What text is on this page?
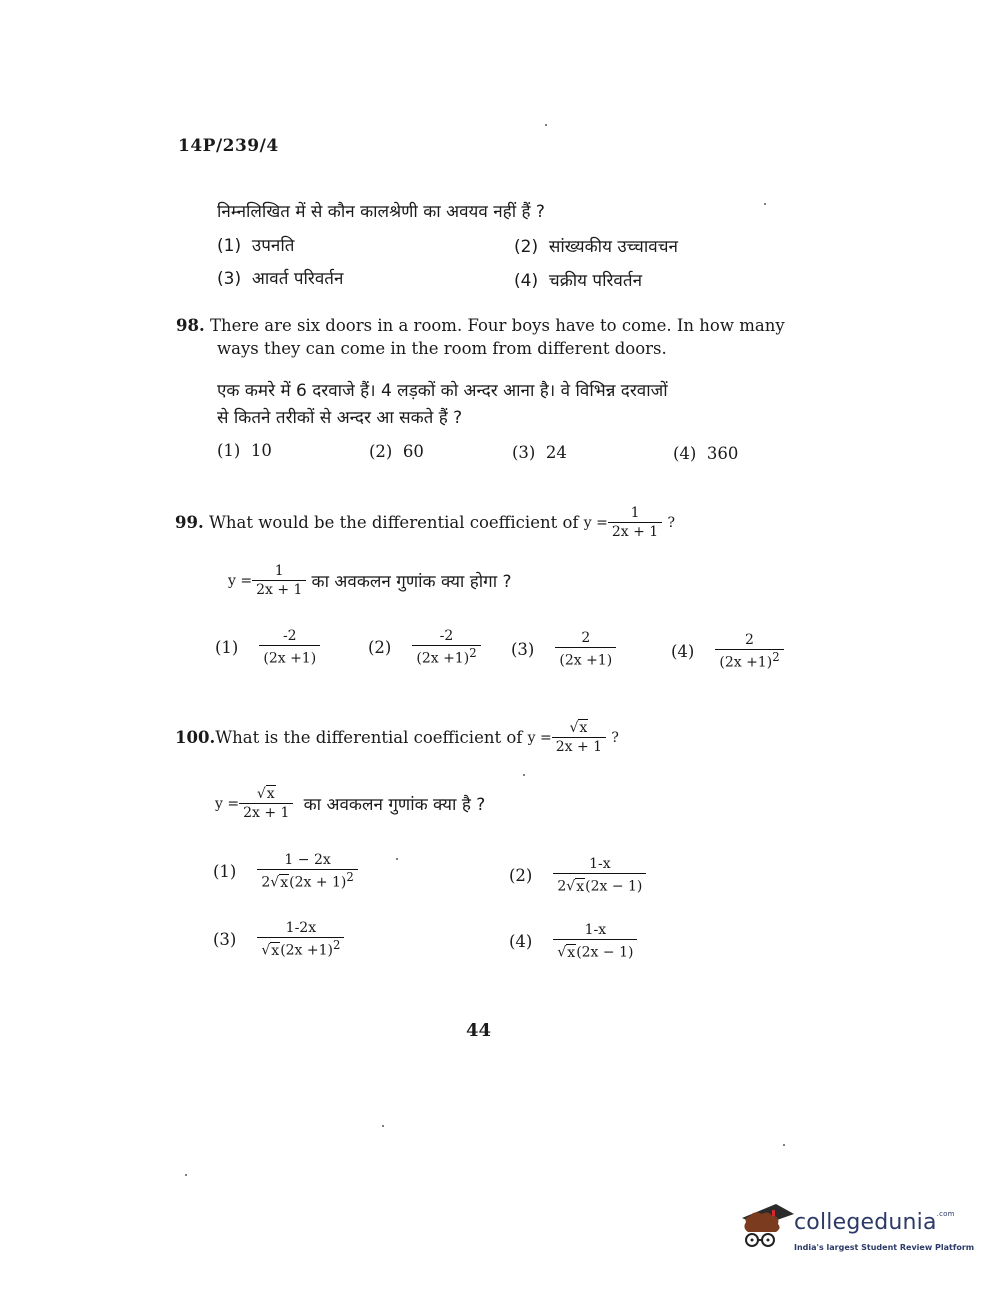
14P/239/4
निम्नलिखित में से कौन कालश्रेणी का अवयव नहीं हैं ?
(1) उपनति	(2) सांख्यकीय उच्चावचन
(3) आवर्त परिवर्तन	(4) चक्रीय परिवर्तन
98. There are six doors in a room. Four boys have to come. In how many
ways they can come in the room from different doors.
एक कमरे में 6 दरवाजे हैं। 4 लड़कों को अन्दर आना है। वे विभिन्न दरवाजों
से कितने तरीकों से अन्दर आ सकते हैं ?
(1) 10	(2) 60	(3) 24	(4) 360
99.
What would be the differential coefficient of
$y = \frac{1}{2x + 1}$
?
$y = \frac{1}{2x + 1}$
का अवकलन गुणांक क्या होगा ?
(1)
$\frac{-2}{(2x +1)}$	(2)
$\frac{-2}{(2x +1)^2} (3)$
$\frac{2}{(2x +1)}$	(4)
$\frac{2}{(2x +1)^2}$
100. What is the differential coefficient of
$y = \frac{√x}{2x + 1}$
?
$y = \frac{√x}{2x + 1}$
का अवकलन गुणांक क्या है ?
(1)
$\frac{1 - 2x}{2√x(2x + 1)^2}$	(2)
$\frac{1-x}{2√x(2x - 1)}$
(3)
$\frac{1-2x}{√x(2x +1)^2}$	(4)
$\frac{1-x}{√x(2x - 1)}$
44
collegedunia$^{.com}$
India's largest Student Review Platform
